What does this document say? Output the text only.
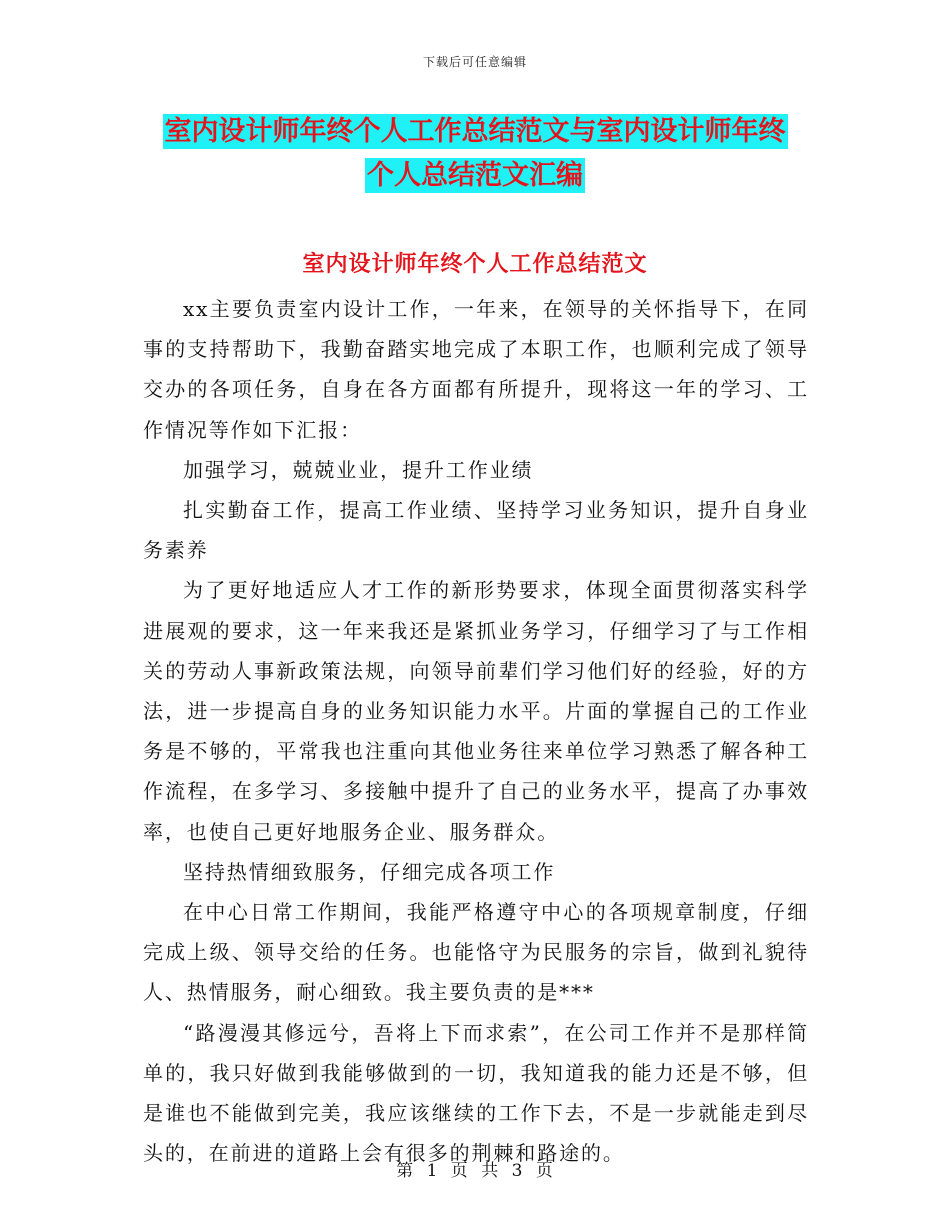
下载后可任意编辑
室内设计师年终个人工作总结范文与室内设计师年终
个人总结范文汇编
室内设计师年终个人工作总结范文

xx主要负责室内设计工作，一年来，在领导的关怀指导下，在同事的支持帮助下，我勤奋踏实地完成了本职工作，也顺利完成了领导交办的各项任务，自身在各方面都有所提升，现将这一年的学习、工作情况等作如下汇报：

加强学习，兢兢业业，提升工作业绩

扎实勤奋工作，提高工作业绩、坚持学习业务知识，提升自身业务素养

为了更好地适应人才工作的新形势要求，体现全面贯彻落实科学进展观的要求，这一年来我还是紧抓业务学习，仔细学习了与工作相关的劳动人事新政策法规，向领导前辈们学习他们好的经验，好的方法，进一步提高自身的业务知识能力水平。片面的掌握自己的工作业务是不够的，平常我也注重向其他业务往来单位学习熟悉了解各种工作流程，在多学习、多接触中提升了自己的业务水平，提高了办事效率，也使自己更好地服务企业、服务群众。

坚持热情细致服务，仔细完成各项工作

在中心日常工作期间，我能严格遵守中心的各项规章制度，仔细完成上级、领导交给的任务。也能恪守为民服务的宗旨，做到礼貌待人、热情服务，耐心细致。我主要负责的是***

“路漫漫其修远兮，吾将上下而求索”，在公司工作并不是那样简单的，我只好做到我能够做到的一切，我知道我的能力还是不够，但是谁也不能做到完美，我应该继续的工作下去，不是一步就能走到尽头的，在前进的道路上会有很多的荆棘和路途的。

第 1 页 共 3 页
